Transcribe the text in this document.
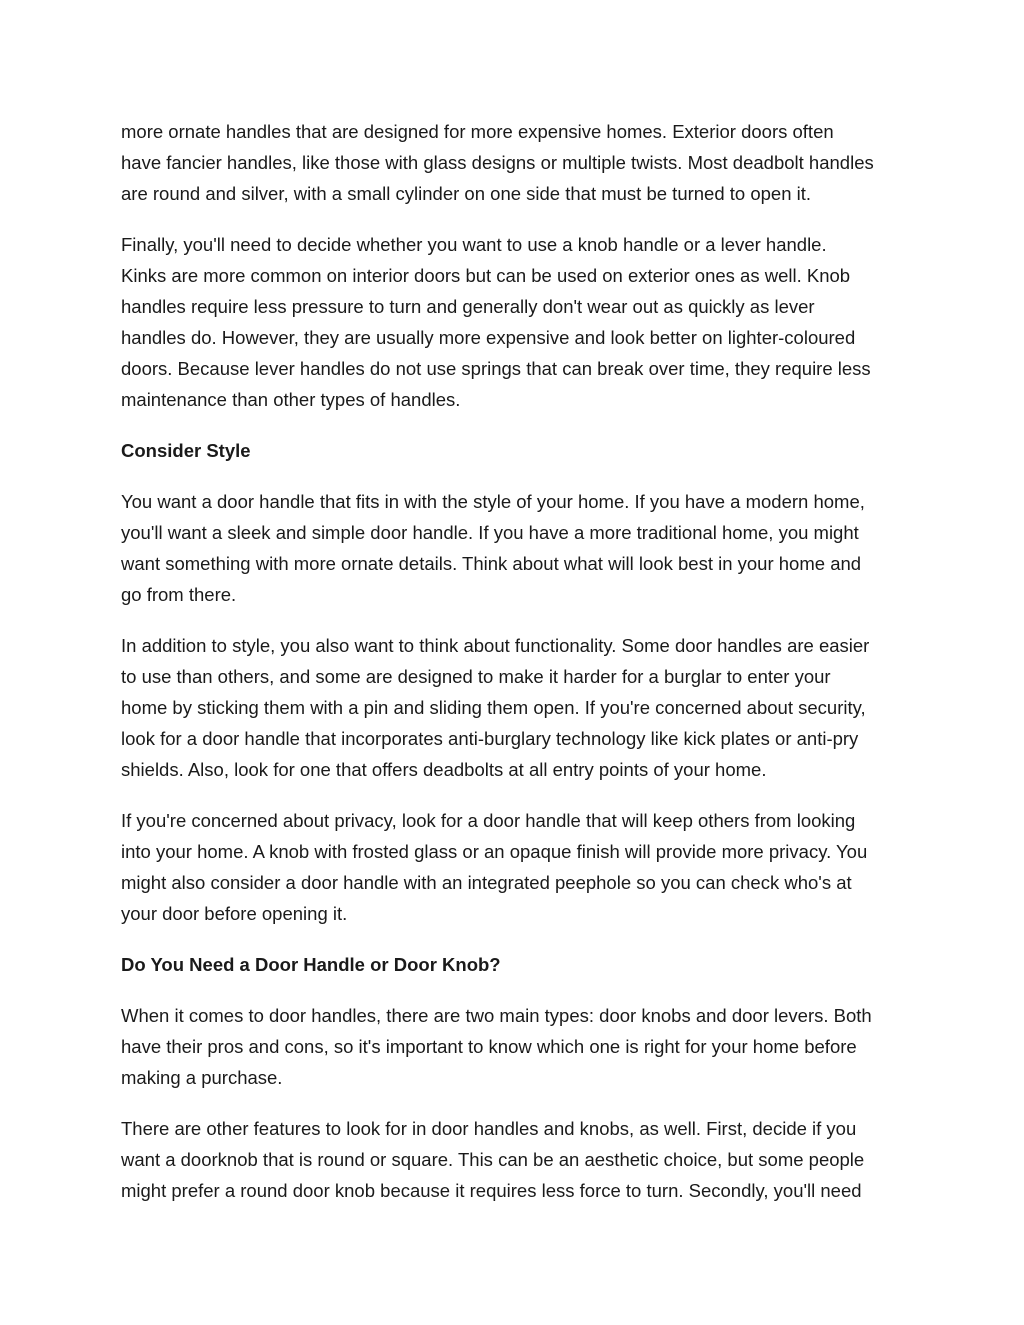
more ornate handles that are designed for more expensive homes. Exterior doors often
have fancier handles, like those with glass designs or multiple twists. Most deadbolt handles
are round and silver, with a small cylinder on one side that must be turned to open it.

Finally, you'll need to decide whether you want to use a knob handle or a lever handle.
Kinks are more common on interior doors but can be used on exterior ones as well. Knob
handles require less pressure to turn and generally don't wear out as quickly as lever
handles do. However, they are usually more expensive and look better on lighter-coloured
doors. Because lever handles do not use springs that can break over time, they require less
maintenance than other types of handles.

Consider Style

You want a door handle that fits in with the style of your home. If you have a modern home,
you'll want a sleek and simple door handle. If you have a more traditional home, you might
want something with more ornate details. Think about what will look best in your home and
go from there.

In addition to style, you also want to think about functionality. Some door handles are easier
to use than others, and some are designed to make it harder for a burglar to enter your
home by sticking them with a pin and sliding them open. If you're concerned about security,
look for a door handle that incorporates anti-burglary technology like kick plates or anti-pry
shields. Also, look for one that offers deadbolts at all entry points of your home.

If you're concerned about privacy, look for a door handle that will keep others from looking
into your home. A knob with frosted glass or an opaque finish will provide more privacy. You
might also consider a door handle with an integrated peephole so you can check who's at
your door before opening it.

Do You Need a Door Handle or Door Knob?

When it comes to door handles, there are two main types: door knobs and door levers. Both
have their pros and cons, so it's important to know which one is right for your home before
making a purchase.

There are other features to look for in door handles and knobs, as well. First, decide if you
want a doorknob that is round or square. This can be an aesthetic choice, but some people
might prefer a round door knob because it requires less force to turn. Secondly, you'll need
